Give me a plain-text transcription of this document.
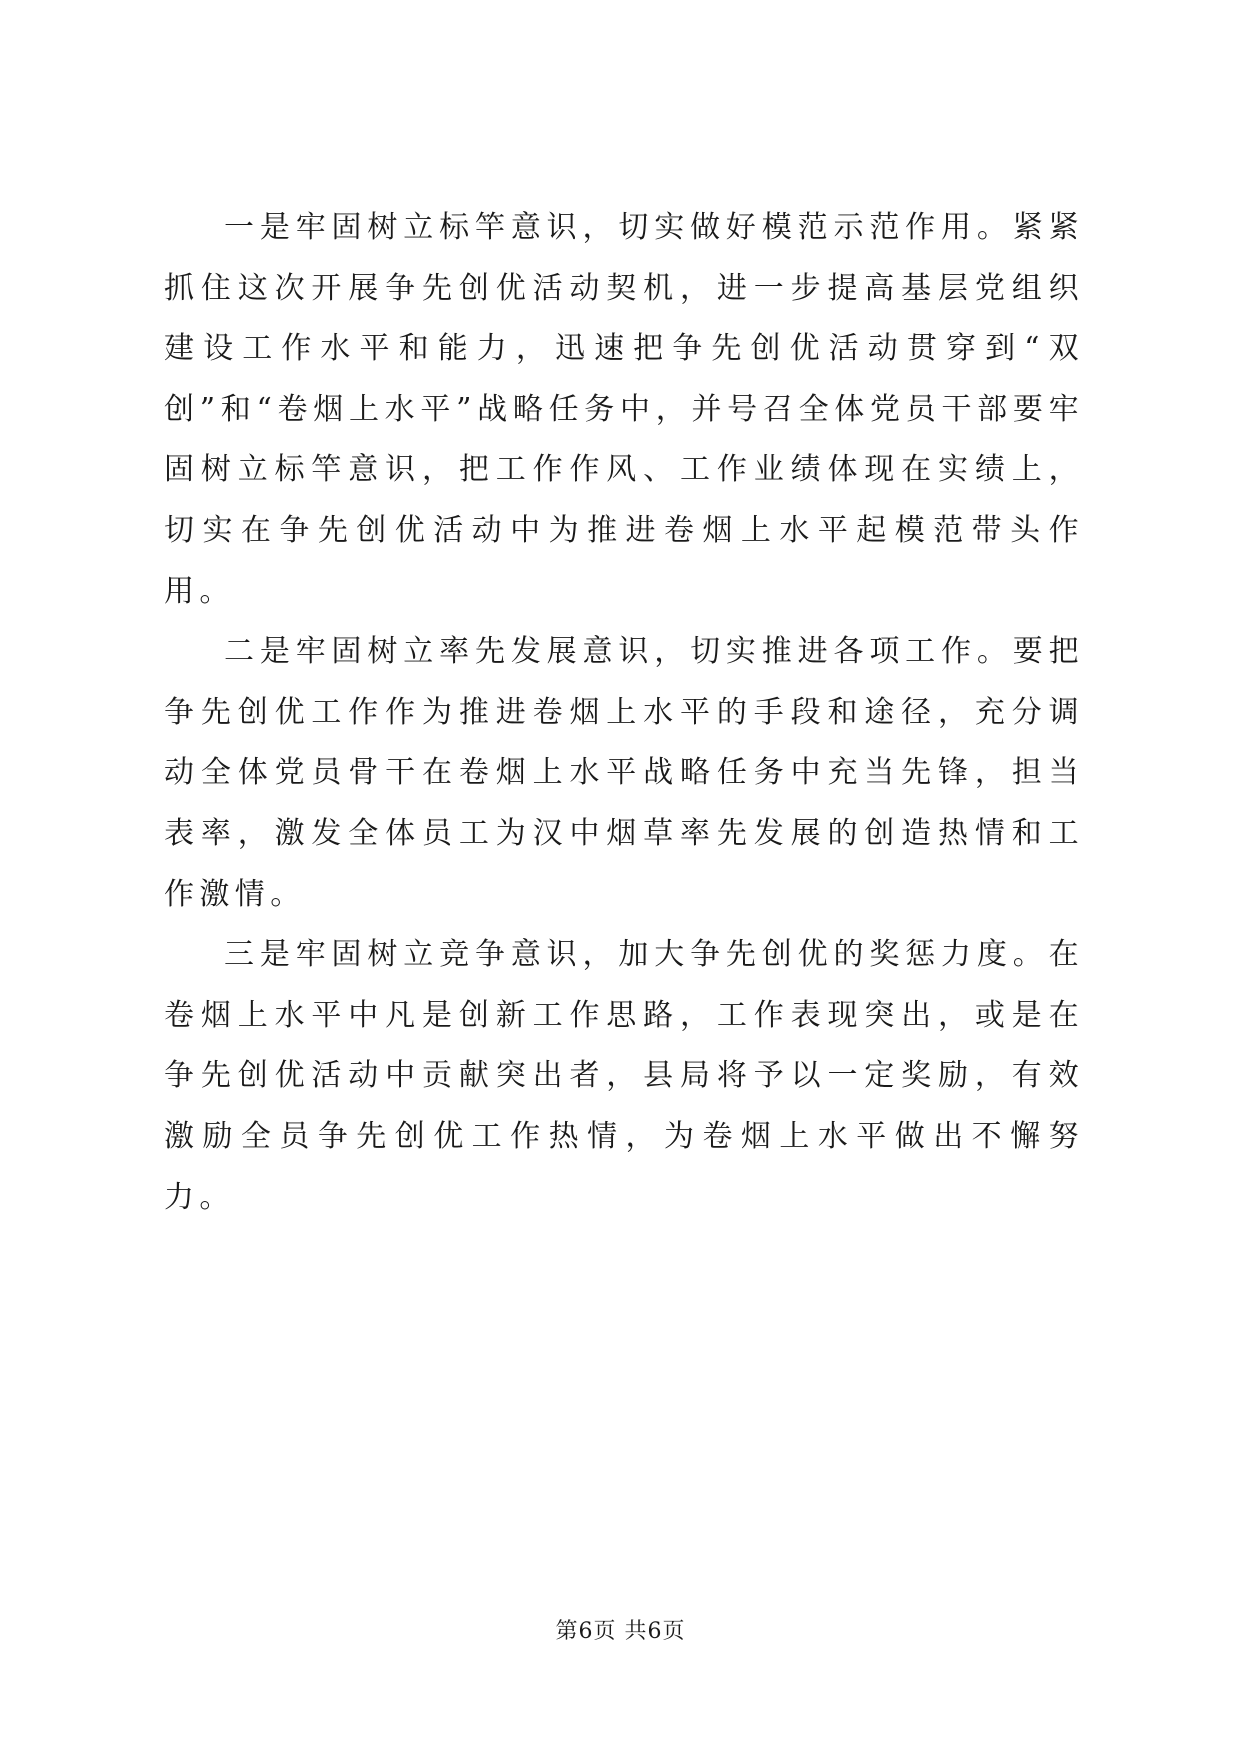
一是牢固树立标竿意识，切实做好模范示范作用。紧紧抓住这次开展争先创优活动契机，进一步提高基层党组织建设工作水平和能力，迅速把争先创优活动贯穿到“双创”和“卷烟上水平”战略任务中，并号召全体党员干部要牢固树立标竿意识，把工作作风、工作业绩体现在实绩上，切实在争先创优活动中为推进卷烟上水平起模范带头作用。

二是牢固树立率先发展意识，切实推进各项工作。要把争先创优工作作为推进卷烟上水平的手段和途径，充分调动全体党员骨干在卷烟上水平战略任务中充当先锋，担当表率，激发全体员工为汉中烟草率先发展的创造热情和工作激情。

三是牢固树立竞争意识，加大争先创优的奖惩力度。在卷烟上水平中凡是创新工作思路，工作表现突出，或是在争先创优活动中贡献突出者，县局将予以一定奖励，有效激励全员争先创优工作热情，为卷烟上水平做出不懈努力。

第6页 共6页
